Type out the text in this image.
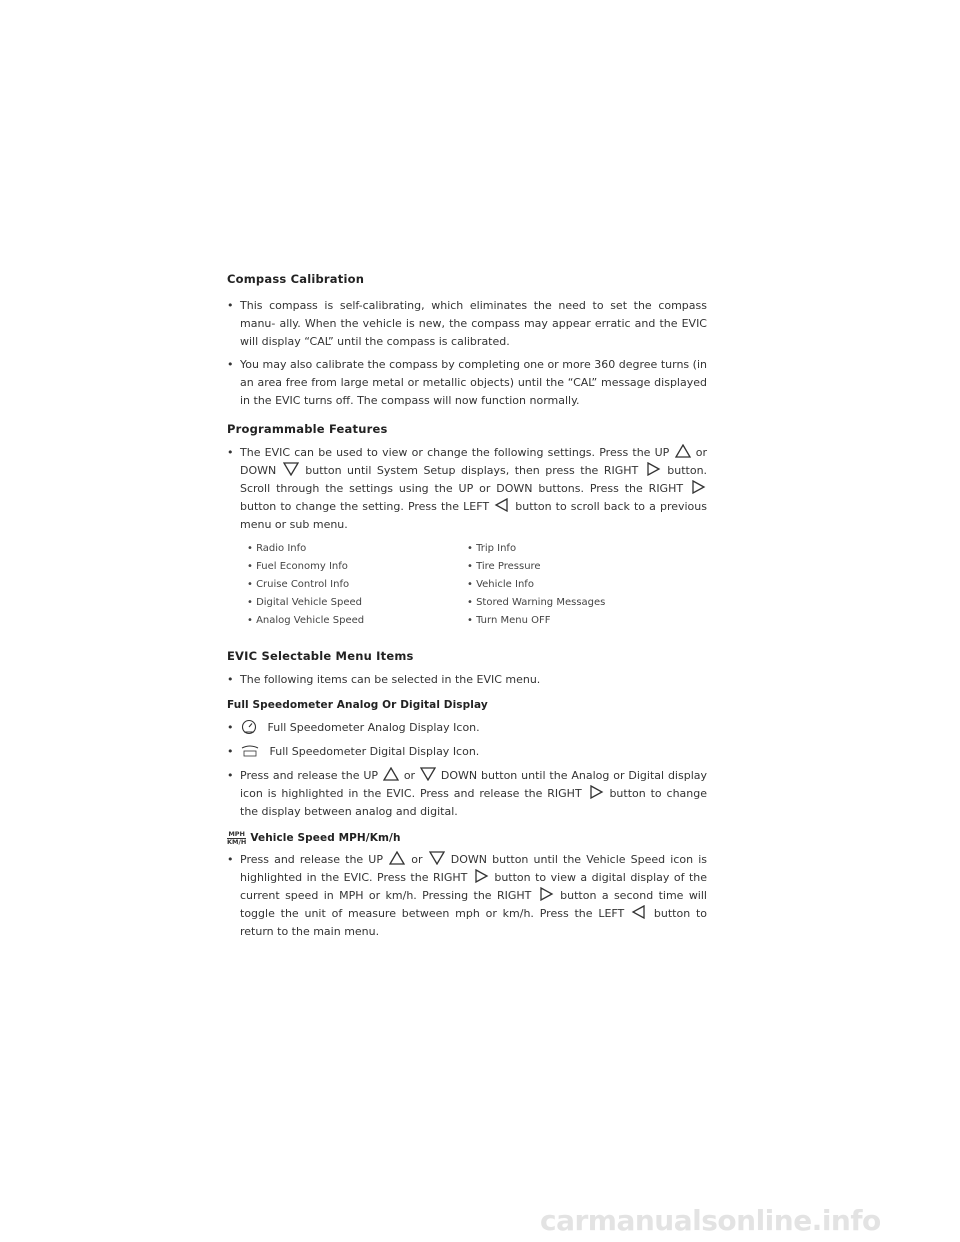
Compass Calibration
• This compass is self-calibrating, which eliminates the need to set the compass manu- ally. When the vehicle is new, the compass may appear erratic and the EVIC will display “CAL” until the compass is calibrated.
• You may also calibrate the compass by completing one or more 360 degree turns (in an area free from large metal or metallic objects) until the “CAL” message displayed in the EVIC turns off. The compass will now function normally.
Programmable Features
• The EVIC can be used to view or change the following settings. Press the UP or DOWN	button until System Setup displays, then press the RIGHT	button. Scroll through the settings using the UP or DOWN buttons. Press the RIGHT
button to change the setting. Press the LEFT button to scroll back to a previous menu or sub menu.
• Radio Info	• Trip Info
• Fuel Economy Info	• Tire Pressure
• Cruise Control Info	• Vehicle Info
• Digital Vehicle Speed	• Stored Warning Messages
• Analog Vehicle Speed	• Turn Menu OFF
EVIC Selectable Menu Items
• The following items can be selected in the EVIC menu.
Full Speedometer Analog Or Digital Display
•	Full Speedometer Analog Display Icon.
•	Full Speedometer Digital Display Icon.
• Press and release the UP or DOWN button until the Analog or Digital display icon is highlighted in the EVIC. Press and release the RIGHT	button to change the display between analog and digital.
MPH
KM/H Vehicle Speed MPH/Km/h
• Press and release the UP	or	DOWN button until the Vehicle Speed icon is highlighted in the EVIC. Press the RIGHT button to view a digital display of the current speed in MPH or km/h. Pressing the RIGHT	button a second time will toggle the unit of measure between mph or km/h. Press the LEFT	button to return to the main menu.
carmanualsonline.info
